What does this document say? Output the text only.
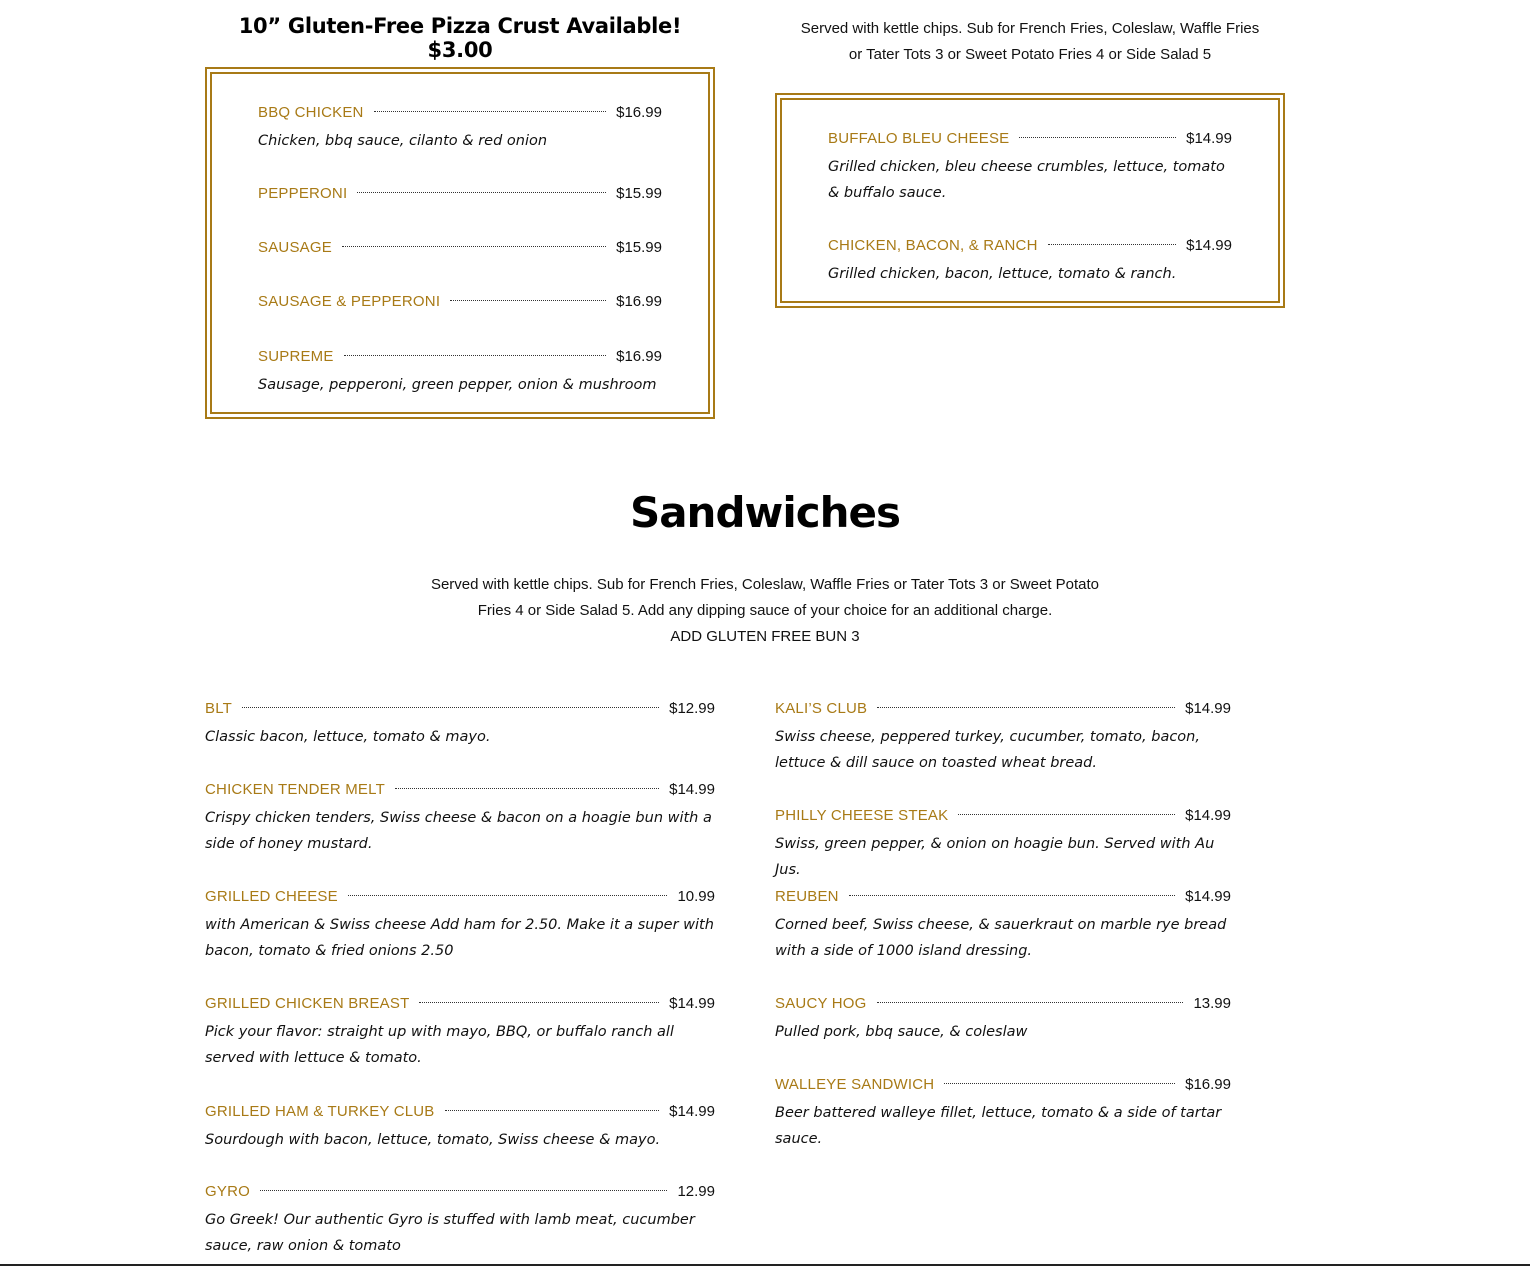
10” Gluten-Free Pizza Crust Available! $3.00
BBQ CHICKEN	$16.99
Chicken, bbq sauce, cilanto & red onion
PEPPERONI	$15.99
SAUSAGE	$15.99
SAUSAGE & PEPPERONI	$16.99
SUPREME	$16.99
Sausage, pepperoni, green pepper, onion & mushroom
Served with kettle chips. Sub for French Fries, Coleslaw, Waffle Fries
or Tater Tots 3 or Sweet Potato Fries 4 or Side Salad 5
BUFFALO BLEU CHEESE	$14.99
Grilled chicken, bleu cheese crumbles, lettuce, tomato & buffalo sauce.
CHICKEN, BACON, & RANCH	$14.99
Grilled chicken, bacon, lettuce, tomato & ranch.
Sandwiches
Served with kettle chips. Sub for French Fries, Coleslaw, Waffle Fries or Tater Tots 3 or Sweet Potato
Fries 4 or Side Salad 5. Add any dipping sauce of your choice for an additional charge.
ADD GLUTEN FREE BUN 3
BLT	$12.99
Classic bacon, lettuce, tomato & mayo.
CHICKEN TENDER MELT	$14.99
Crispy chicken tenders, Swiss cheese & bacon on a hoagie bun with a side of honey mustard.
GRILLED CHEESE	10.99
with American & Swiss cheese Add ham for 2.50. Make it a super with bacon, tomato & fried onions 2.50
GRILLED CHICKEN BREAST	$14.99
Pick your flavor: straight up with mayo, BBQ, or buffalo ranch all served with lettuce & tomato.
GRILLED HAM & TURKEY CLUB	$14.99
Sourdough with bacon, lettuce, tomato, Swiss cheese & mayo.
GYRO	12.99
Go Greek! Our authentic Gyro is stuffed with lamb meat, cucumber sauce, raw onion & tomato
KALI’S CLUB	$14.99
Swiss cheese, peppered turkey, cucumber, tomato, bacon, lettuce & dill sauce on toasted wheat bread.
PHILLY CHEESE STEAK	$14.99
Swiss, green pepper, & onion on hoagie bun. Served with Au Jus.
REUBEN	$14.99
Corned beef, Swiss cheese, & sauerkraut on marble rye bread with a side of 1000 island dressing.
SAUCY HOG	13.99
Pulled pork, bbq sauce, & coleslaw
WALLEYE SANDWICH	$16.99
Beer battered walleye fillet, lettuce, tomato & a side of tartar sauce.
